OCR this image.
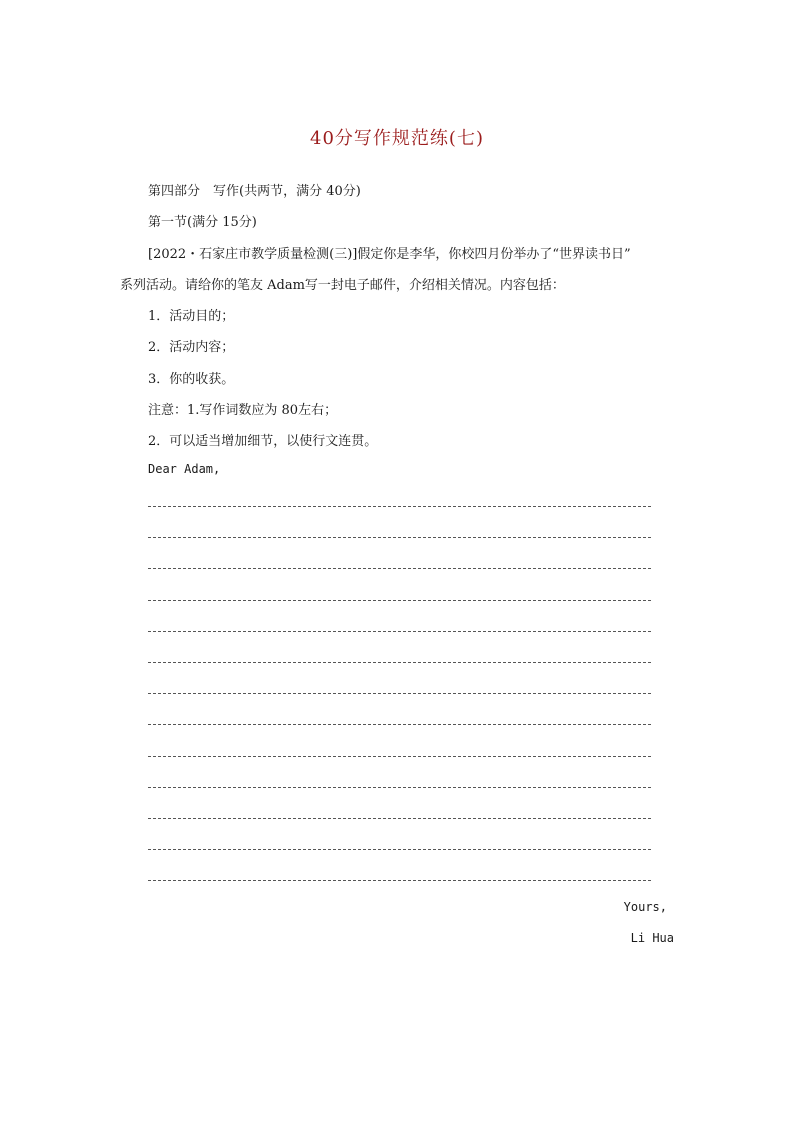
40分写作规范练(七)
第四部分　写作(共两节，满分 40分)
第一节(满分 15分)
[2022・石家庄市教学质量检测(三)]假定你是李华，你校四月份举办了“世界读书日”
系列活动。请给你的笔友 Adam写一封电子邮件，介绍相关情况。内容包括：
1．活动目的；
2．活动内容；
3．你的收获。
注意：1.写作词数应为 80左右；
2．可以适当增加细节，以使行文连贯。
Dear Adam,
Yours,
Li Hua
